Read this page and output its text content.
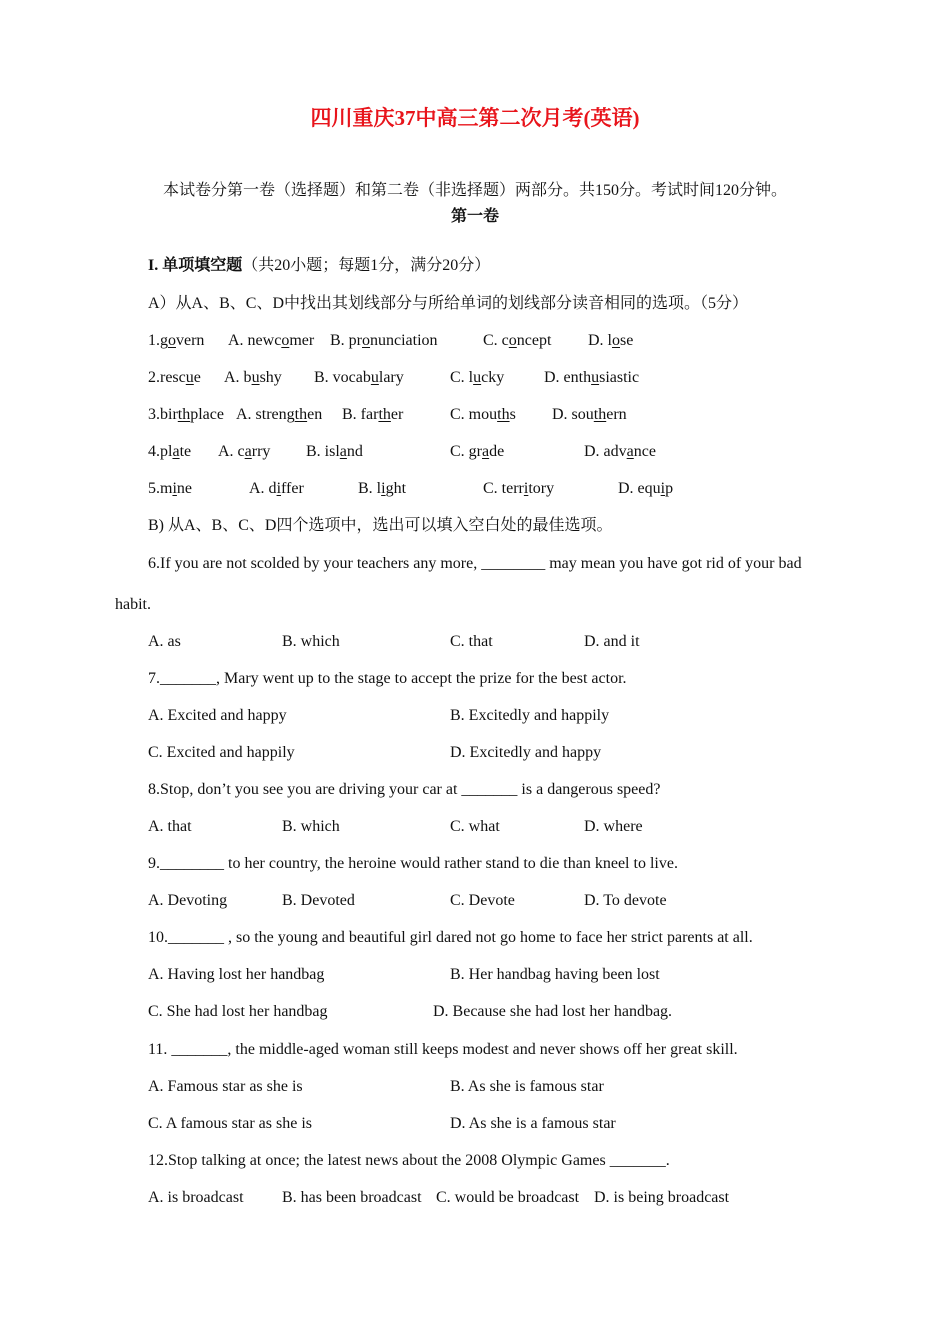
四川重庆37中高三第二次月考(英语)
本试卷分第一卷（选择题）和第二卷（非选择题）两部分。共150分。考试时间120分钟。
第一卷
I. 单项填空题（共20小题；每题1分，满分20分）
A）从A、B、C、D中找出其划线部分与所给单词的划线部分读音相同的选项。（5分）
1.govern A. newcomer B. pronunciation	C. concept D. lose
2.rescue A. bushy B. vocabulary	C. lucky D. enthusiastic
3.birthplace A. strengthen B. farther	C. mouths D. southern
4.plate A. carry B. island	C. grade	D. advance
5.mine	A. differ	B. light	C. territory	D. equip
B) 从A、B、C、D四个选项中，选出可以填入空白处的最佳选项。
6.If you are not scolded by your teachers any more, ________ may mean you have got rid of your bad
habit.
A. as	B. which	C. that	D. and it
7._______, Mary went up to the stage to accept the prize for the best actor.
A. Excited and happy	B. Excitedly and happily
C. Excited and happily	D. Excitedly and happy
8.Stop, don’t you see you are driving your car at _______ is a dangerous speed?
A. that	B. which	C. what	D. where
9.________ to her country, the heroine would rather stand to die than kneel to live.
A. Devoting	B. Devoted	C. Devote	D. To devote
10._______ , so the young and beautiful girl dared not go home to face her strict parents at all.
A. Having lost her handbag	B. Her handbag having been lost
C. She had lost her handbag	D. Because she had lost her handbag.
11. _______, the middle-aged woman still keeps modest and never shows off her great skill.
A. Famous star as she is	B. As she is famous star
C. A famous star as she is	D. As she is a famous star
12.Stop talking at once; the latest news about the 2008 Olympic Games _______.
A. is broadcast B. has been broadcast C. would be broadcast D. is being broadcast
